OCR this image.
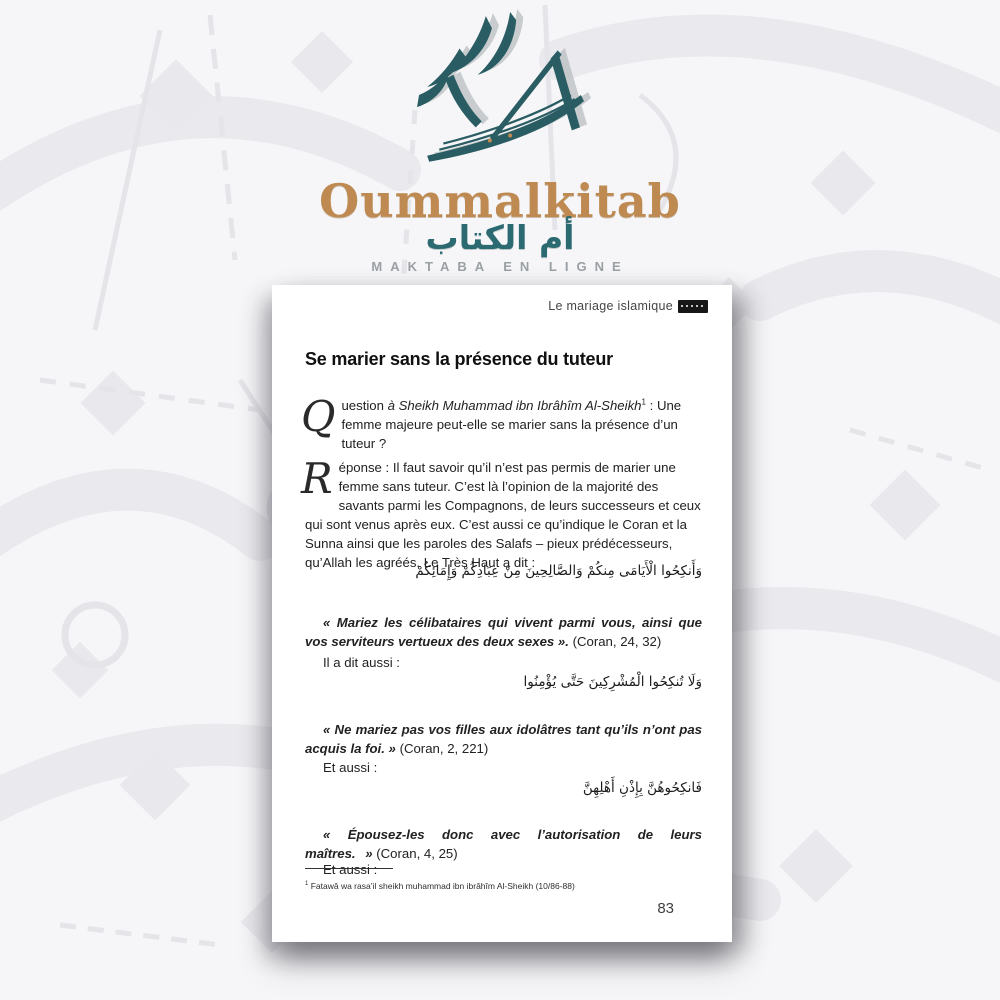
Oummalkitab
أم الكتاب
MAKTABA EN LIGNE
Le mariage islamique
Se marier sans la présence du tuteur

Question à Sheikh Muhammad ibn Ibrâhîm Al-Sheikh$^1$ : Une femme majeure peut-elle se marier sans la présence d’un tuteur ?

Réponse : Il faut savoir qu’il n’est pas permis de marier une femme sans tuteur. C’est là l’opinion de la majorité des savants parmi les Compagnons, de leurs successeurs et ceux qui sont venus après eux. C’est aussi ce qu’indique le Coran et la Sunna ainsi que les paroles des Salafs – pieux prédécesseurs, qu’Allah les agréés. Le Très Haut a dit :

وَأَنكِحُوا الْأَيَامَى مِنكُمْ وَالصَّالِحِينَ مِنْ عِبَادِكُمْ وَإِمَائِكُمْ

« Mariez les célibataires qui vivent parmi vous, ainsi que vos serviteurs vertueux des deux sexes ». (Coran, 24, 32)

Il a dit aussi :

وَلَا تُنكِحُوا الْمُشْرِكِينَ حَتَّى يُؤْمِنُوا

« Ne mariez pas vos filles aux idolâtres tant qu’ils n’ont pas acquis la foi. » (Coran, 2, 221)

Et aussi :

فَانكِحُوهُنَّ بِإِذْنِ أَهْلِهِنَّ

« Épousez-les donc avec l’autorisation de leurs maîtres. » (Coran, 4, 25)

Et aussi :

$^1$ Fatawâ wa rasa’il sheikh muhammad ibn ibrâhîm Al-Sheikh (10/86-88)

83
